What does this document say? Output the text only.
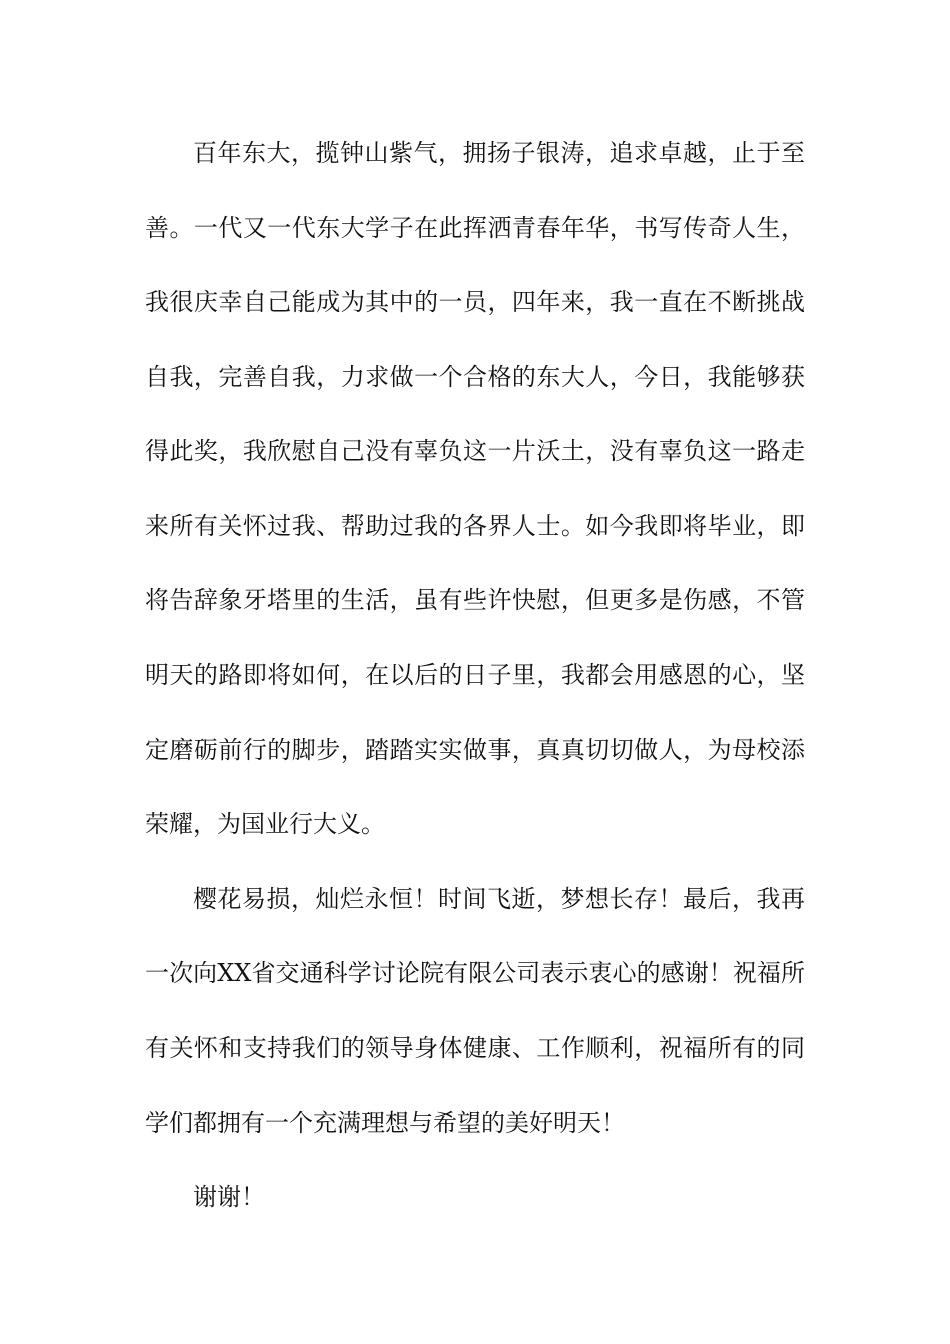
百年东大，揽钟山紫气，拥扬子银涛，追求卓越，止于至

善。一代又一代东大学子在此挥洒青春年华，书写传奇人生，

我很庆幸自己能成为其中的一员，四年来，我一直在不断挑战

自我，完善自我，力求做一个合格的东大人，今日，我能够获

得此奖，我欣慰自己没有辜负这一片沃土，没有辜负这一路走

来所有关怀过我、帮助过我的各界人士。如今我即将毕业，即

将告辞象牙塔里的生活，虽有些许快慰，但更多是伤感，不管

明天的路即将如何，在以后的日子里，我都会用感恩的心，坚

定磨砺前行的脚步，踏踏实实做事，真真切切做人，为母校添

荣耀，为国业行大义。

樱花易损，灿烂永恒！时间飞逝，梦想长存！最后，我再

一次向XX省交通科学讨论院有限公司表示衷心的感谢！祝福所

有关怀和支持我们的领导身体健康、工作顺利，祝福所有的同

学们都拥有一个充满理想与希望的美好明天！

谢谢！
